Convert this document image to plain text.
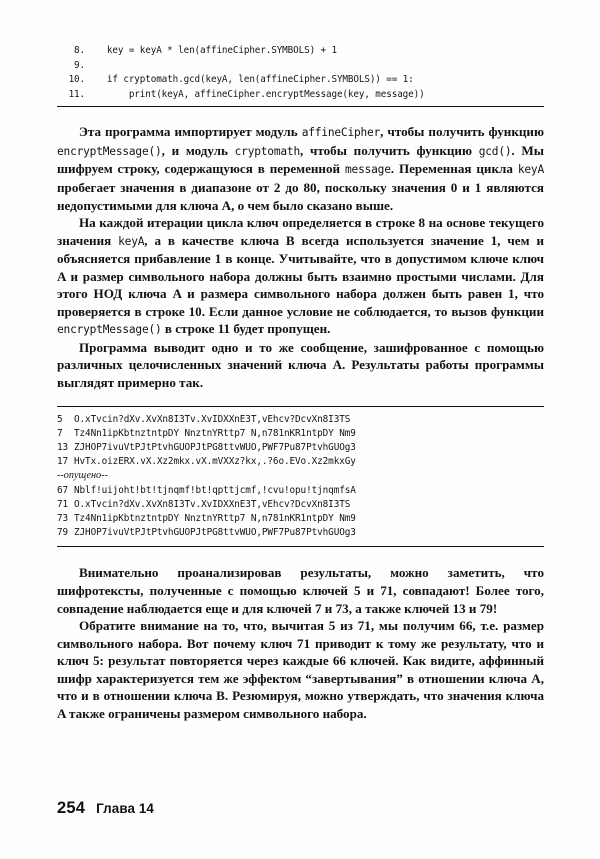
8.    key = keyA * len(affineCipher.SYMBOLS) + 1
9.
10.    if cryptomath.gcd(keyA, len(affineCipher.SYMBOLS)) == 1:
11.        print(keyA, affineCipher.encryptMessage(key, message))

Эта программа импортирует модуль affineCipher, чтобы получить функцию encryptMessage(), и модуль cryptomath, чтобы получить функцию gcd(). Мы шифруем строку, содержащуюся в переменной message. Переменная цикла keyA пробегает значения в диапазоне от 2 до 80, поскольку значения 0 и 1 являются недопустимыми для ключа A, о чем было сказано выше.

На каждой итерации цикла ключ определяется в строке 8 на основе текущего значения keyA, а в качестве ключа B всегда используется значение 1, чем и объясняется прибавление 1 в конце. Учитывайте, что в допустимом ключе ключ A и размер символьного набора должны быть взаимно простыми числами. Для этого НОД ключа A и размера символьного набора должен быть равен 1, что проверяется в строке 10. Если данное условие не соблюдается, то вызов функции encryptMessage() в строке 11 будет пропущен.

Программа выводит одно и то же сообщение, зашифрованное с помощью различных целочисленных значений ключа A. Результаты работы программы выглядят примерно так.

5 O.xTvcin?dXv.XvXn8I3Tv.XvIDXXnE3T,vEhcv?DcvXn8I3TS
7 Tz4Nn1ipKbtnztntpDY NnztnYRttp7 N,n781nKR1ntpDY Nm9
13 ZJHOP7ivuVtPJtPtvhGUOPJtPG8ttvWUO,PWF7Pu87PtvhGUOg3
17 HvTx.oizERX.vX.Xz2mkx.vX.mVXXz?kx,.?6o.EVo.Xz2mkxGy
--опущено--
67 Nblf!uijoht!bt!tjnqmf!bt!qpttjcmf,!cvu!opu!tjnqmfsA
71 O.xTvcin?dXv.XvXn8I3Tv.XvIDXXnE3T,vEhcv?DcvXn8I3TS
73 Tz4Nn1ipKbtnztntpDY NnztnYRttp7 N,n781nKR1ntpDY Nm9
79 ZJHOP7ivuVtPJtPtvhGUOPJtPG8ttvWUO,PWF7Pu87PtvhGUOg3

Внимательно проанализировав результаты, можно заметить, что шифротексты, полученные с помощью ключей 5 и 71, совпадают! Более того, совпадение наблюдается еще и для ключей 7 и 73, а также ключей 13 и 79!

Обратите внимание на то, что, вычитая 5 из 71, мы получим 66, т.е. размер символьного набора. Вот почему ключ 71 приводит к тому же результату, что и ключ 5: результат повторяется через каждые 66 ключей. Как видите, аффинный шифр характеризуется тем же эффектом “завертывания” в отношении ключа A, что и в отношении ключа B. Резюмируя, можно утверждать, что значения ключа A также ограничены размером символьного набора.

254 Глава 14
